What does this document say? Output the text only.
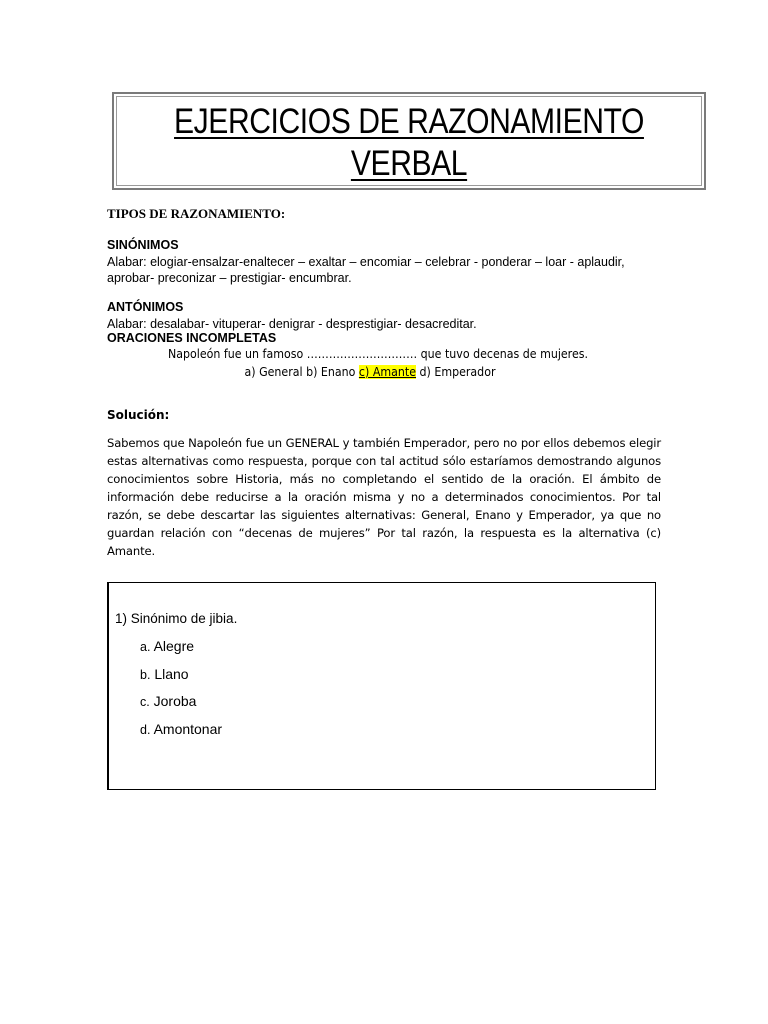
EJERCICIOS DE RAZONAMIENTO
VERBAL
TIPOS DE RAZONAMIENTO:
SINÓNIMOS
Alabar: elogiar-ensalzar-enaltecer – exaltar – encomiar – celebrar - ponderar – loar - aplaudir,
aprobar- preconizar – prestigiar- encumbrar.
ANTÓNIMOS
Alabar: desalabar- vituperar- denigrar - desprestigiar- desacreditar.
ORACIONES INCOMPLETAS
Napoleón fue un famoso ………………………… que tuvo decenas de mujeres.
a) General b) Enano c) Amante d) Emperador
Solución:
Sabemos que Napoleón fue un GENERAL y también Emperador, pero no por ellos debemos elegir estas alternativas como respuesta, porque con tal actitud sólo estaríamos demostrando algunos conocimientos sobre Historia, más no completando el sentido de la oración. El ámbito de información debe reducirse a la oración misma y no a determinados conocimientos. Por tal razón, se debe descartar las siguientes alternativas: General, Enano y Emperador, ya que no guardan relación con “decenas de mujeres” Por tal razón, la respuesta es la alternativa (c) Amante.
1) Sinónimo de jibia.
a. Alegre
b. Llano
c. Joroba
d. Amontonar
